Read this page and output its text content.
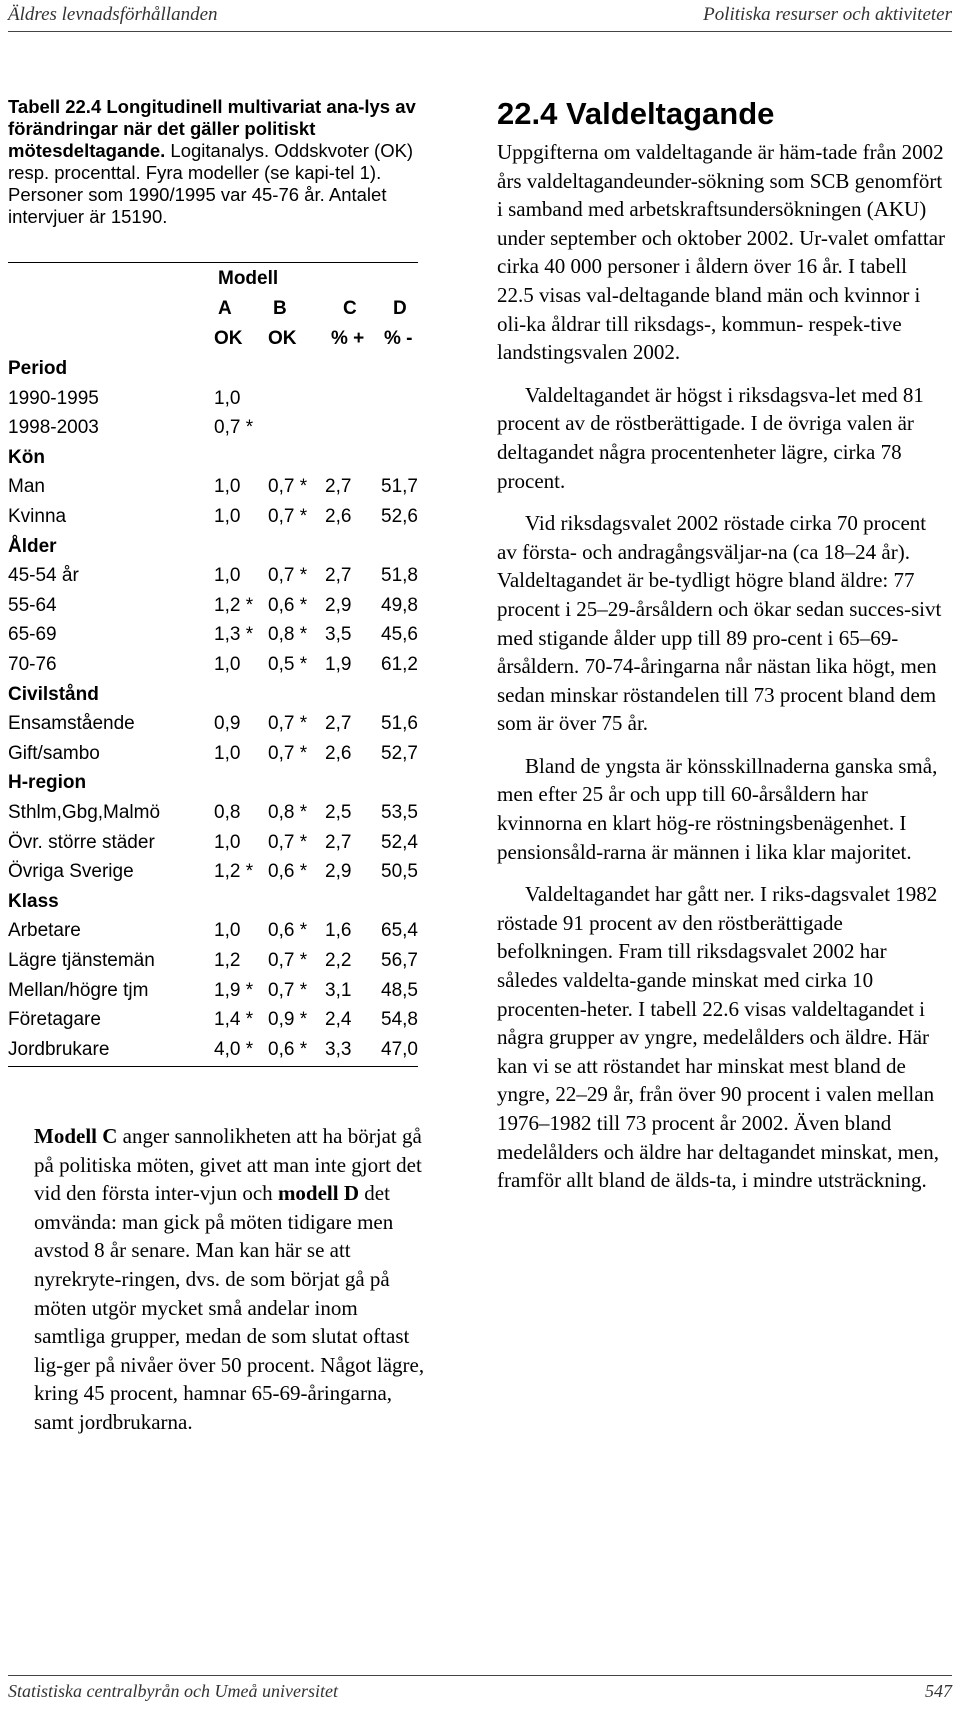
Äldres levnadsförhållanden	Politiska resurser och aktiviteter

Tabell 22.4 Longitudinell multivariat ana-lys av förändringar när det gäller politiskt mötesdeltagande. Logitanalys. Oddskvoter (OK) resp. procenttal. Fyra modeller (se kapi-tel 1). Personer som 1990/1995 var 45-76 år. Antalet intervjuer är 15190.

Modell
A B	C D
OK OK % + % -
Period
1990-1995	1,0
1998-2003	0,7 *
Kön
Man	1,0 0,7 * 2,7 51,7
Kvinna	1,0 0,7 * 2,6 52,6
Ålder
45-54 år	1,0 0,7 * 2,7 51,8
55-64	1,2 * 0,6 * 2,9 49,8
65-69	1,3 * 0,8 * 3,5 45,6
70-76	1,0 0,5 * 1,9 61,2
Civilstånd
Ensamstående	0,9 0,7 * 2,7 51,6
Gift/sambo	1,0 0,7 * 2,6 52,7
H-region
Sthlm,Gbg,Malmö	0,8 0,8 * 2,5 53,5
Övr. större städer	1,0 0,7 * 2,7 52,4
Övriga Sverige	1,2 * 0,6 * 2,9 50,5
Klass
Arbetare	1,0 0,6 * 1,6 65,4
Lägre tjänstemän	1,2 0,7 * 2,2 56,7
Mellan/högre tjm	1,9 * 0,7 * 3,1 48,5
Företagare	1,4 * 0,9 * 2,4 54,8
Jordbrukare	4,0 * 0,6 * 3,3 47,0

Modell C anger sannolikheten att ha börjat gå på politiska möten, givet att man inte gjort det vid den första inter-vjun och modell D det omvända: man gick på möten tidigare men avstod 8 år senare. Man kan här se att nyrekryte-ringen, dvs. de som börjat gå på möten utgör mycket små andelar inom samtliga grupper, medan de som slutat oftast lig-ger på nivåer över 50 procent. Något lägre, kring 45 procent, hamnar 65-69-åringarna, samt jordbrukarna.

22.4 Valdeltagande

Uppgifterna om valdeltagande är häm-tade från 2002 års valdeltagandeunder-sökning som SCB genomfört i samband med arbetskraftsundersökningen (AKU) under september och oktober 2002. Ur-valet omfattar cirka 40 000 personer i åldern över 16 år. I tabell 22.5 visas val-deltagande bland män och kvinnor i oli-ka åldrar till riksdags-, kommun- respek-tive landstingsvalen 2002.

Valdeltagandet är högst i riksdagsva-let med 81 procent av de röstberättigade. I de övriga valen är deltagandet några procentenheter lägre, cirka 78 procent.

Vid riksdagsvalet 2002 röstade cirka 70 procent av första- och andragångsväljar-na (ca 18–24 år). Valdeltagandet är be-tydligt högre bland äldre: 77 procent i 25–29-årsåldern och ökar sedan succes-sivt med stigande ålder upp till 89 pro-cent i 65–69-årsåldern. 70-74-åringarna når nästan lika högt, men sedan minskar röstandelen till 73 procent bland dem som är över 75 år.

Bland de yngsta är könsskillnaderna ganska små, men efter 25 år och upp till 60-årsåldern har kvinnorna en klart hög-re röstningsbenägenhet. I pensionsåld-rarna är männen i lika klar majoritet.

Valdeltagandet har gått ner. I riks-dagsvalet 1982 röstade 91 procent av den röstberättigade befolkningen. Fram till riksdagsvalet 2002 har således valdelta-gande minskat med cirka 10 procenten-heter. I tabell 22.6 visas valdeltagandet i några grupper av yngre, medelålders och äldre. Här kan vi se att röstandet har minskat mest bland de yngre, 22–29 år, från över 90 procent i valen mellan 1976–1982 till 73 procent år 2002. Även bland medelålders och äldre har deltagandet minskat, men, framför allt bland de älds-ta, i mindre utsträckning.

Statistiska centralbyrån och Umeå universitet	547
